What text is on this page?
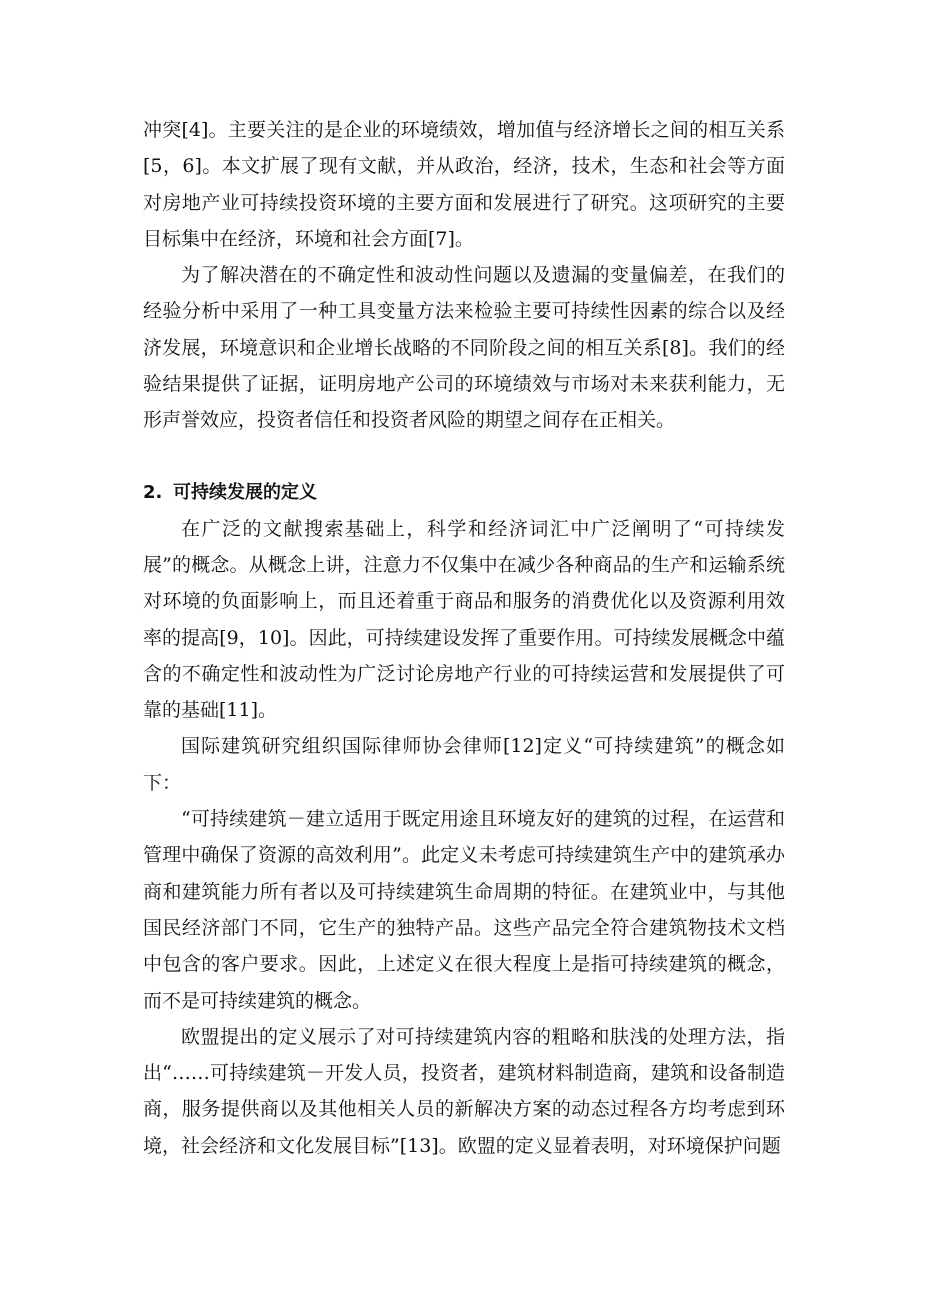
冲突[4]。主要关注的是企业的环境绩效，增加值与经济增长之间的相互关系[5，6]。本文扩展了现有文献，并从政治，经济，技术，生态和社会等方面对房地产业可持续投资环境的主要方面和发展进行了研究。这项研究的主要目标集中在经济，环境和社会方面[7]。

为了解决潜在的不确定性和波动性问题以及遗漏的变量偏差，在我们的经验分析中采用了一种工具变量方法来检验主要可持续性因素的综合以及经济发展，环境意识和企业增长战略的不同阶段之间的相互关系[8]。我们的经验结果提供了证据，证明房地产公司的环境绩效与市场对未来获利能力，无形声誉效应，投资者信任和投资者风险的期望之间存在正相关。

2. 可持续发展的定义

在广泛的文献搜索基础上，科学和经济词汇中广泛阐明了“可持续发展”的概念。从概念上讲，注意力不仅集中在减少各种商品的生产和运输系统对环境的负面影响上，而且还着重于商品和服务的消费优化以及资源利用效率的提高[9，10]。因此，可持续建设发挥了重要作用。可持续发展概念中蕴含的不确定性和波动性为广泛讨论房地产行业的可持续运营和发展提供了可靠的基础[11]。

国际建筑研究组织国际律师协会律师[12]定义“可持续建筑”的概念如下：

“可持续建筑－建立适用于既定用途且环境友好的建筑的过程，在运营和管理中确保了资源的高效利用”。此定义未考虑可持续建筑生产中的建筑承办商和建筑能力所有者以及可持续建筑生命周期的特征。在建筑业中，与其他国民经济部门不同，它生产的独特产品。这些产品完全符合建筑物技术文档中包含的客户要求。因此，上述定义在很大程度上是指可持续建筑的概念，而不是可持续建筑的概念。

欧盟提出的定义展示了对可持续建筑内容的粗略和肤浅的处理方法，指出“……可持续建筑－开发人员，投资者，建筑材料制造商，建筑和设备制造商，服务提供商以及其他相关人员的新解决方案的动态过程各方均考虑到环境，社会经济和文化发展目标”[13]。欧盟的定义显着表明，对环境保护问题
